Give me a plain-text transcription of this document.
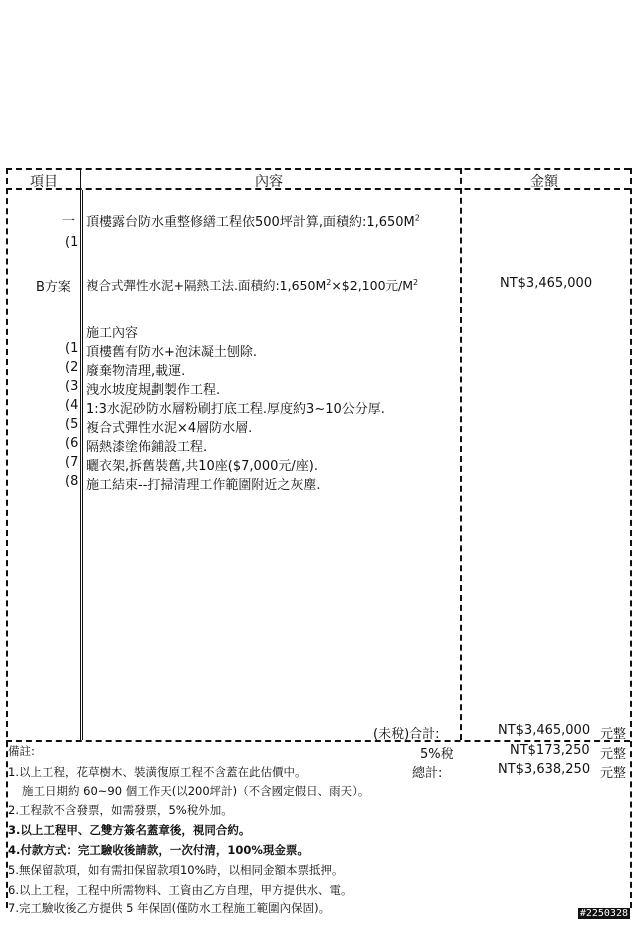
項目	內容	金額
一 頂樓露台防水重整修繕工程依500坪計算,面積約$:1,650M^2$
(1
B方案 複合式彈性水泥+隔熱工法.面積約$:1,650M^2\times\$2,100$元$/M^2$	NT$3,465,000
施工內容
(1 頂樓舊有防水+泡沫凝土刨除.
(2 廢棄物清理,載運.
(3 洩水坡度規劃製作工程.
(4 1:3水泥砂防水層粉刷打底工程.厚度約3~10公分厚.
(5 複合式彈性水泥×4層防水層.
(6 隔熱漆塗佈鋪設工程.
(7 曬衣架,拆舊裝舊,共10座($7,000元/座).
(8 施工結束--打掃清理工作範圍附近之灰塵.
(未稅)合計:	NT$3,465,000 元整
5%稅	NT$173,250 元整
總計:	NT$3,638,250 元整
備註:
1.以上工程，花草樹木、裝潢復原工程不含蓋在此估價中。
施工日期約 60~90 個工作天(以200坪計)（不含國定假日、雨天）。
2.工程款不含發票，如需發票，5%稅外加。
3.以上工程甲、乙雙方簽名蓋章後，視同合約。
4.付款方式：完工驗收後請款，一次付清，100%現金票。
5.無保留款項，如有需扣保留款項10%時，以相同金額本票抵押。
6.以上工程，工程中所需物料、工資由乙方自理，甲方提供水、電。
7.完工驗收後乙方提供 5 年保固(僅防水工程施工範圍內保固)。	#2250328
